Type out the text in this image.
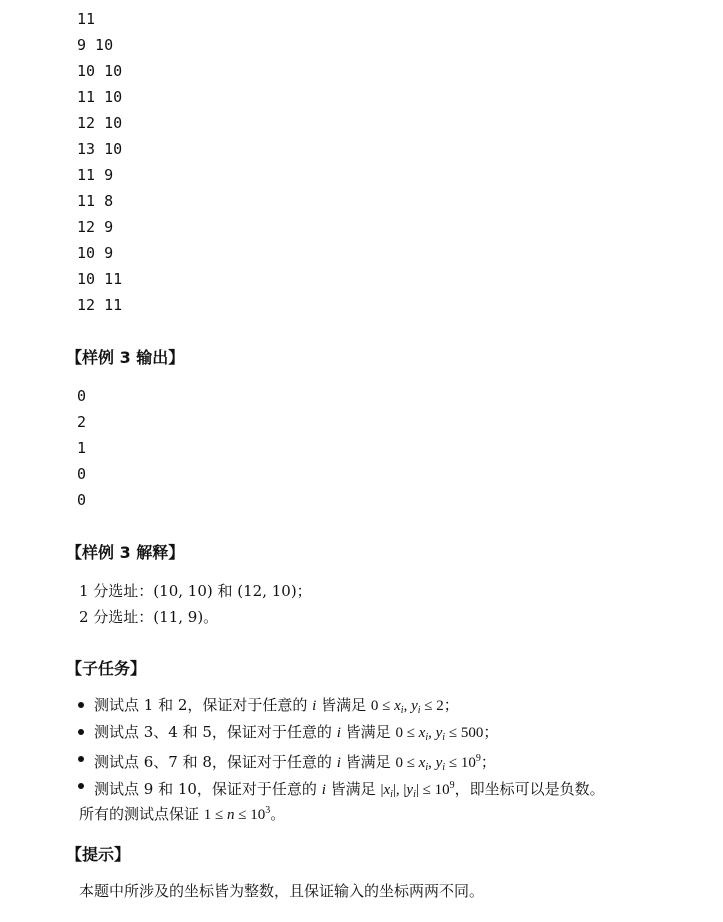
11
9 10
10 10
11 10
12 10
13 10
11 9
11 8
12 9
10 9
10 11
12 11
【样例 3 输出】
0
2
1
0
0
【样例 3 解释】
1 分选址：(10, 10) 和 (12, 10)；
2 分选址：(11, 9)。
【子任务】
测试点 1 和 2，保证对于任意的 i 皆满足 $0 \le x_i$, $y_i \le 2$；
测试点 3、4 和 5，保证对于任意的 i 皆满足 $0 \le x_i$, $y_i \le 500$；
测试点 6、7 和 8，保证对于任意的 i 皆满足 $0 \le x_i$, $y_i \le 10^9$；
测试点 9 和 10，保证对于任意的 i 皆满足 $|x_i|$, $|y_i| \le 10^9$，即坐标可以是负数。
所有的测试点保证 $1 \le n \le 10^3$。
【提示】
本题中所涉及的坐标皆为整数，且保证输入的坐标两两不同。
